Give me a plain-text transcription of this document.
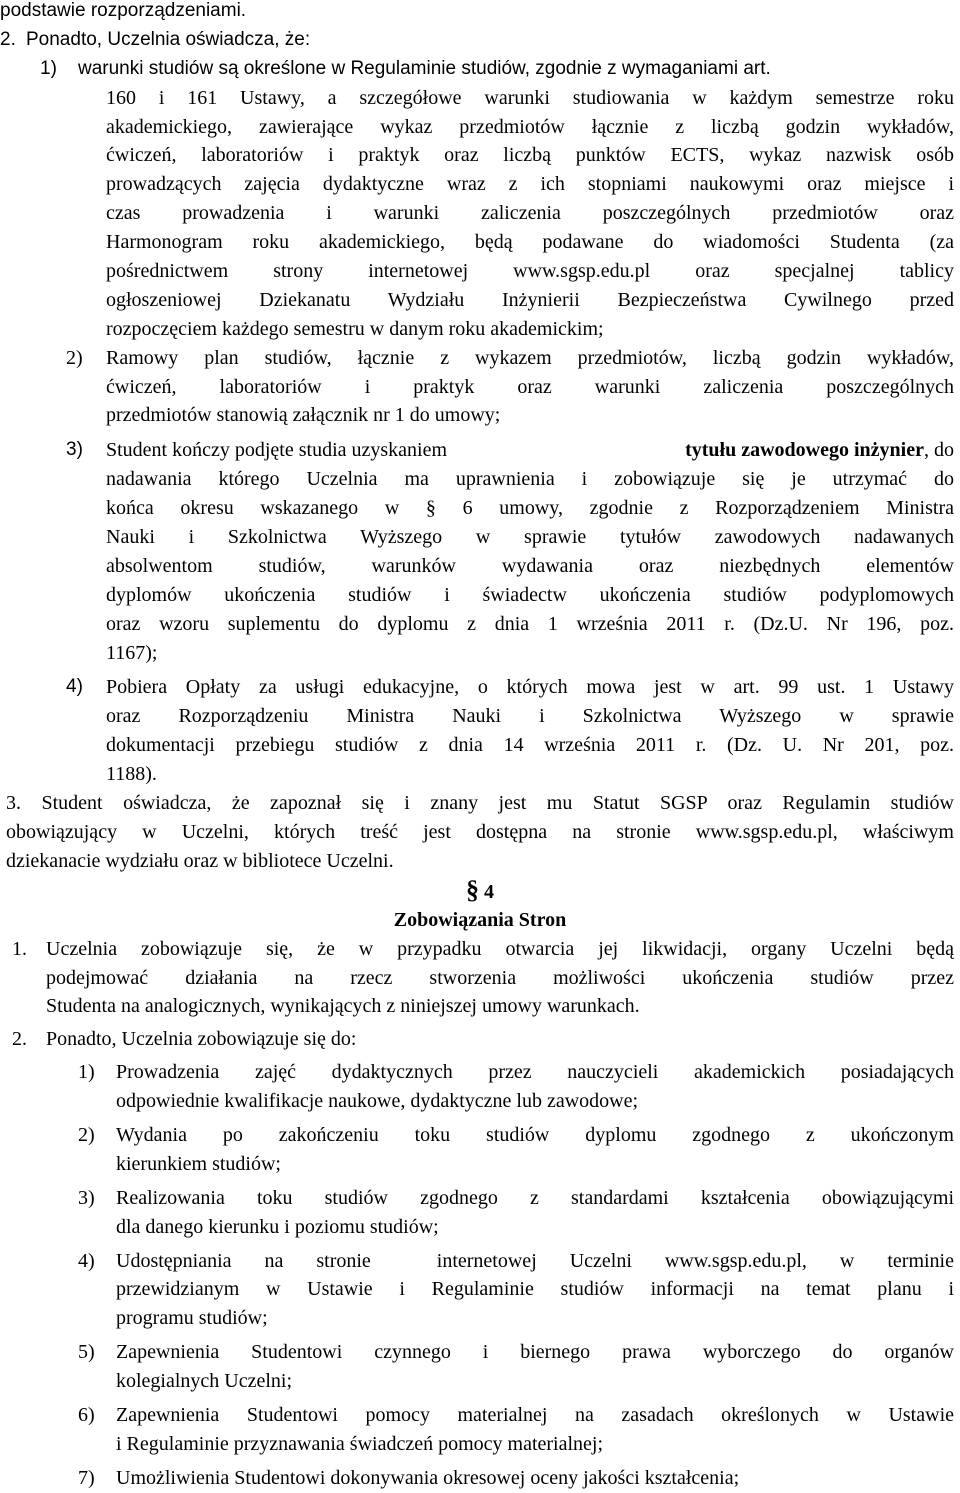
podstawie rozporządzeniami.
2. Ponadto, Uczelnia oświadcza, że:
1) warunki studiów są określone w Regulaminie studiów, zgodnie z wymaganiami art.
160 i 161 Ustawy, a szczegółowe warunki studiowania w każdym semestrze roku
akademickiego, zawierające wykaz przedmiotów łącznie z liczbą godzin wykładów,
ćwiczeń, laboratoriów i praktyk oraz liczbą punktów ECTS, wykaz nazwisk osób
prowadzących zajęcia dydaktyczne wraz z ich stopniami naukowymi oraz miejsce i
czas prowadzenia i warunki zaliczenia poszczególnych przedmiotów oraz
Harmonogram roku akademickiego, będą podawane do wiadomości Studenta (za
pośrednictwem strony internetowej www.sgsp.edu.pl oraz specjalnej tablicy
ogłoszeniowej Dziekanatu Wydziału Inżynierii Bezpieczeństwa Cywilnego przed
rozpoczęciem każdego semestru w danym roku akademickim;
2) Ramowy plan studiów, łącznie z wykazem przedmiotów, liczbą godzin wykładów,
ćwiczeń, laboratoriów i praktyk oraz warunki zaliczenia poszczególnych
przedmiotów stanowią załącznik nr 1 do umowy;
3) Student kończy podjęte studia uzyskaniem	tytułu zawodowego inżynier, do
nadawania którego Uczelnia ma uprawnienia i zobowiązuje się je utrzymać do
końca okresu wskazanego w § 6 umowy, zgodnie z Rozporządzeniem Ministra
Nauki i Szkolnictwa Wyższego w sprawie tytułów zawodowych nadawanych
absolwentom studiów, warunków wydawania oraz niezbędnych elementów
dyplomów ukończenia studiów i świadectw ukończenia studiów podyplomowych
oraz wzoru suplementu do dyplomu z dnia 1 września 2011 r. (Dz.U. Nr 196, poz.
1167);
4) Pobiera Opłaty za usługi edukacyjne, o których mowa jest w art. 99 ust. 1 Ustawy
oraz Rozporządzeniu Ministra Nauki i Szkolnictwa Wyższego w sprawie
dokumentacji przebiegu studiów z dnia 14 września 2011 r. (Dz. U. Nr 201, poz.
1188).
3. Student oświadcza, że zapoznał się i znany jest mu Statut SGSP oraz Regulamin studiów
obowiązujący w Uczelni, których treść jest dostępna na stronie www.sgsp.edu.pl, właściwym
dziekanacie wydziału oraz w bibliotece Uczelni.
§ 4
Zobowiązania Stron
1. Uczelnia zobowiązuje się, że w przypadku otwarcia jej likwidacji, organy Uczelni będą
podejmować działania na rzecz stworzenia możliwości ukończenia studiów przez
Studenta na analogicznych, wynikających z niniejszej umowy warunkach.
2. Ponadto, Uczelnia zobowiązuje się do:
1) Prowadzenia zajęć dydaktycznych przez nauczycieli akademickich posiadających
odpowiednie kwalifikacje naukowe, dydaktyczne lub zawodowe;
2) Wydania po zakończeniu toku studiów dyplomu zgodnego z ukończonym
kierunkiem studiów;
3) Realizowania toku studiów zgodnego z standardami kształcenia obowiązującymi
dla danego kierunku i poziomu studiów;
4) Udostępniania na stronie  internetowej Uczelni www.sgsp.edu.pl, w terminie
przewidzianym w Ustawie i Regulaminie studiów informacji na temat planu i
programu studiów;
5) Zapewnienia Studentowi czynnego i biernego prawa wyborczego do organów
kolegialnych Uczelni;
6) Zapewnienia Studentowi pomocy materialnej na zasadach określonych w Ustawie
i Regulaminie przyznawania świadczeń pomocy materialnej;
7) Umożliwienia Studentowi dokonywania okresowej oceny jakości kształcenia;
